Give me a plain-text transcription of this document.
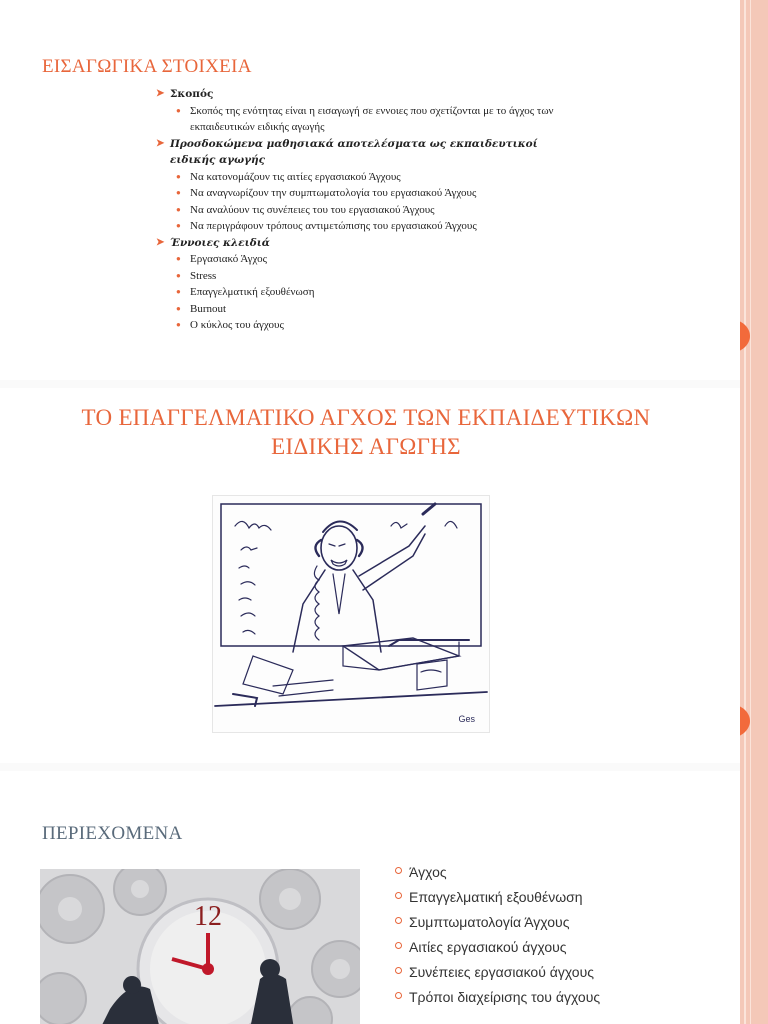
ΕΙΣΑΓΩΓΙΚΑ ΣΤΟΙΧΕΙΑ
➤ Σκοπός
● Σκοπός της ενότητας είναι η εισαγωγή σε εννοιες που σχετίζονται με το άγχος των εκπαιδευτικών ειδικής αγωγής
➤ Προσδοκώμενα μαθησιακά αποτελέσματα ως εκπαιδευτικοί ειδικής αγωγής
● Να κατονομάζουν τις αιτίες εργασιακού Άγχους
● Να αναγνωρίζουν την συμπτωματολογία του εργασιακού Άγχους
● Να αναλύουν τις συνέπειες του του εργασιακού Άγχους
● Να περιγράφουν τρόπους αντιμετώπισης του εργασιακού Άγχους
➤ Έννοιες κλειδιά
● Εργασιακό Άγχος
● Stress
● Επαγγελματική εξουθένωση
● Burnout
● Ο κύκλος του άγχους
ΤΟ ΕΠΑΓΓΕΛΜΑΤΙΚΟ ΑΓΧΟΣ ΤΩΝ ΕΚΠΑΙΔΕΥΤΙΚΩΝ
ΕΙΔΙΚΗΣ ΑΓΩΓΗΣ
Ges
ΠΕΡΙΕΧΟΜΕΝΑ
12
Άγχος
Επαγγελματική εξουθένωση
Συμπτωματολογία Άγχους
Αιτίες εργασιακού άγχους
Συνέπειες εργασιακού άγχους
Τρόποι διαχείρισης του άγχους
